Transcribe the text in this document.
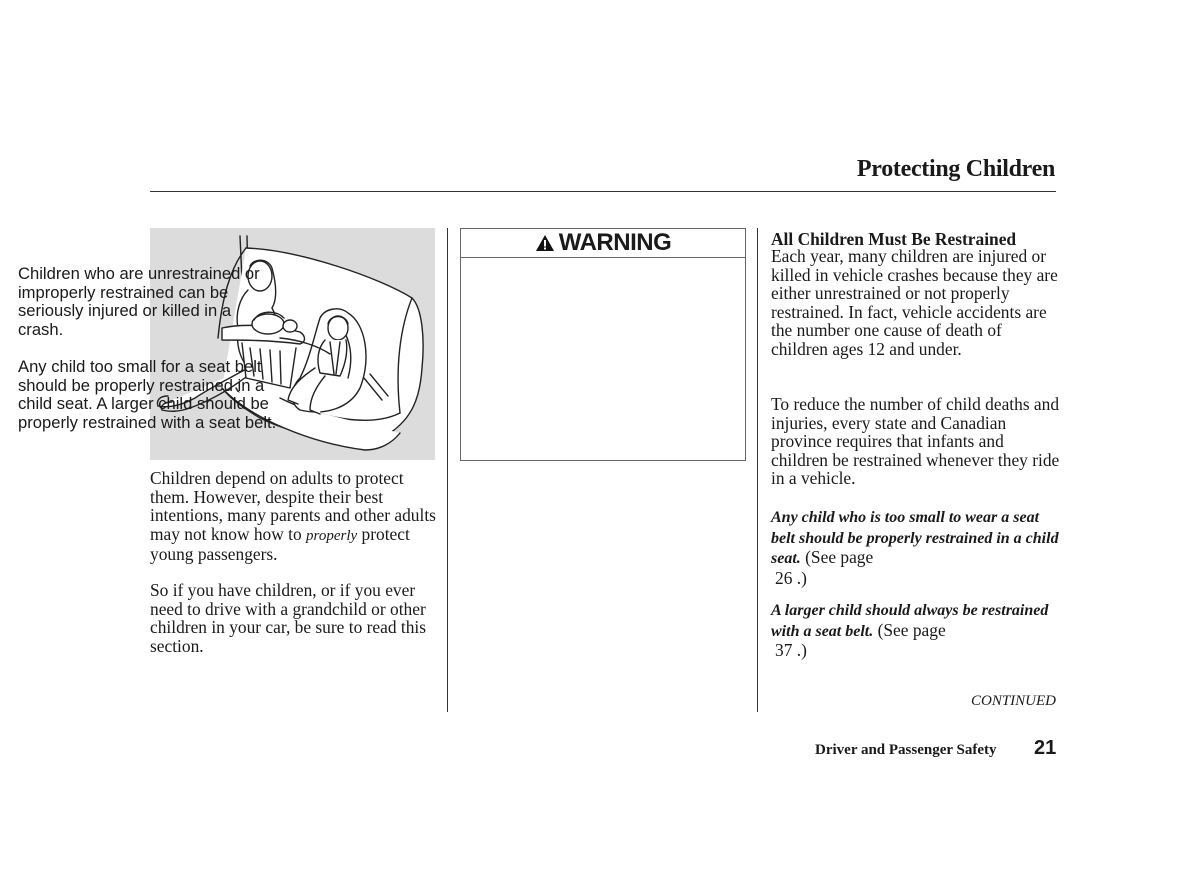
Protecting Children

Children depend on adults to protect them. However, despite their best intentions, many parents and other adults may not know how to properly protect young passengers.

So if you have children, or if you ever need to drive with a grandchild or other children in your car, be sure to read this section.

WARNING

Children who are unrestrained or improperly restrained can be seriously injured or killed in a crash.

Any child too small for a seat belt should be properly restrained in a child seat. A larger child should be properly restrained with a seat belt.

All Children Must Be Restrained

Each year, many children are injured or killed in vehicle crashes because they are either unrestrained or not properly restrained. In fact, vehicle accidents are the number one cause of death of children ages 12 and under.

To reduce the number of child deaths and injuries, every state and Canadian province requires that infants and children be restrained whenever they ride in a vehicle.

Any child who is too small to wear a seat belt should be properly restrained in a child seat. (See page
26 .)

A larger child should always be restrained with a seat belt. (See page
37 .)

CONTINUED
Driver and Passenger Safety 21
